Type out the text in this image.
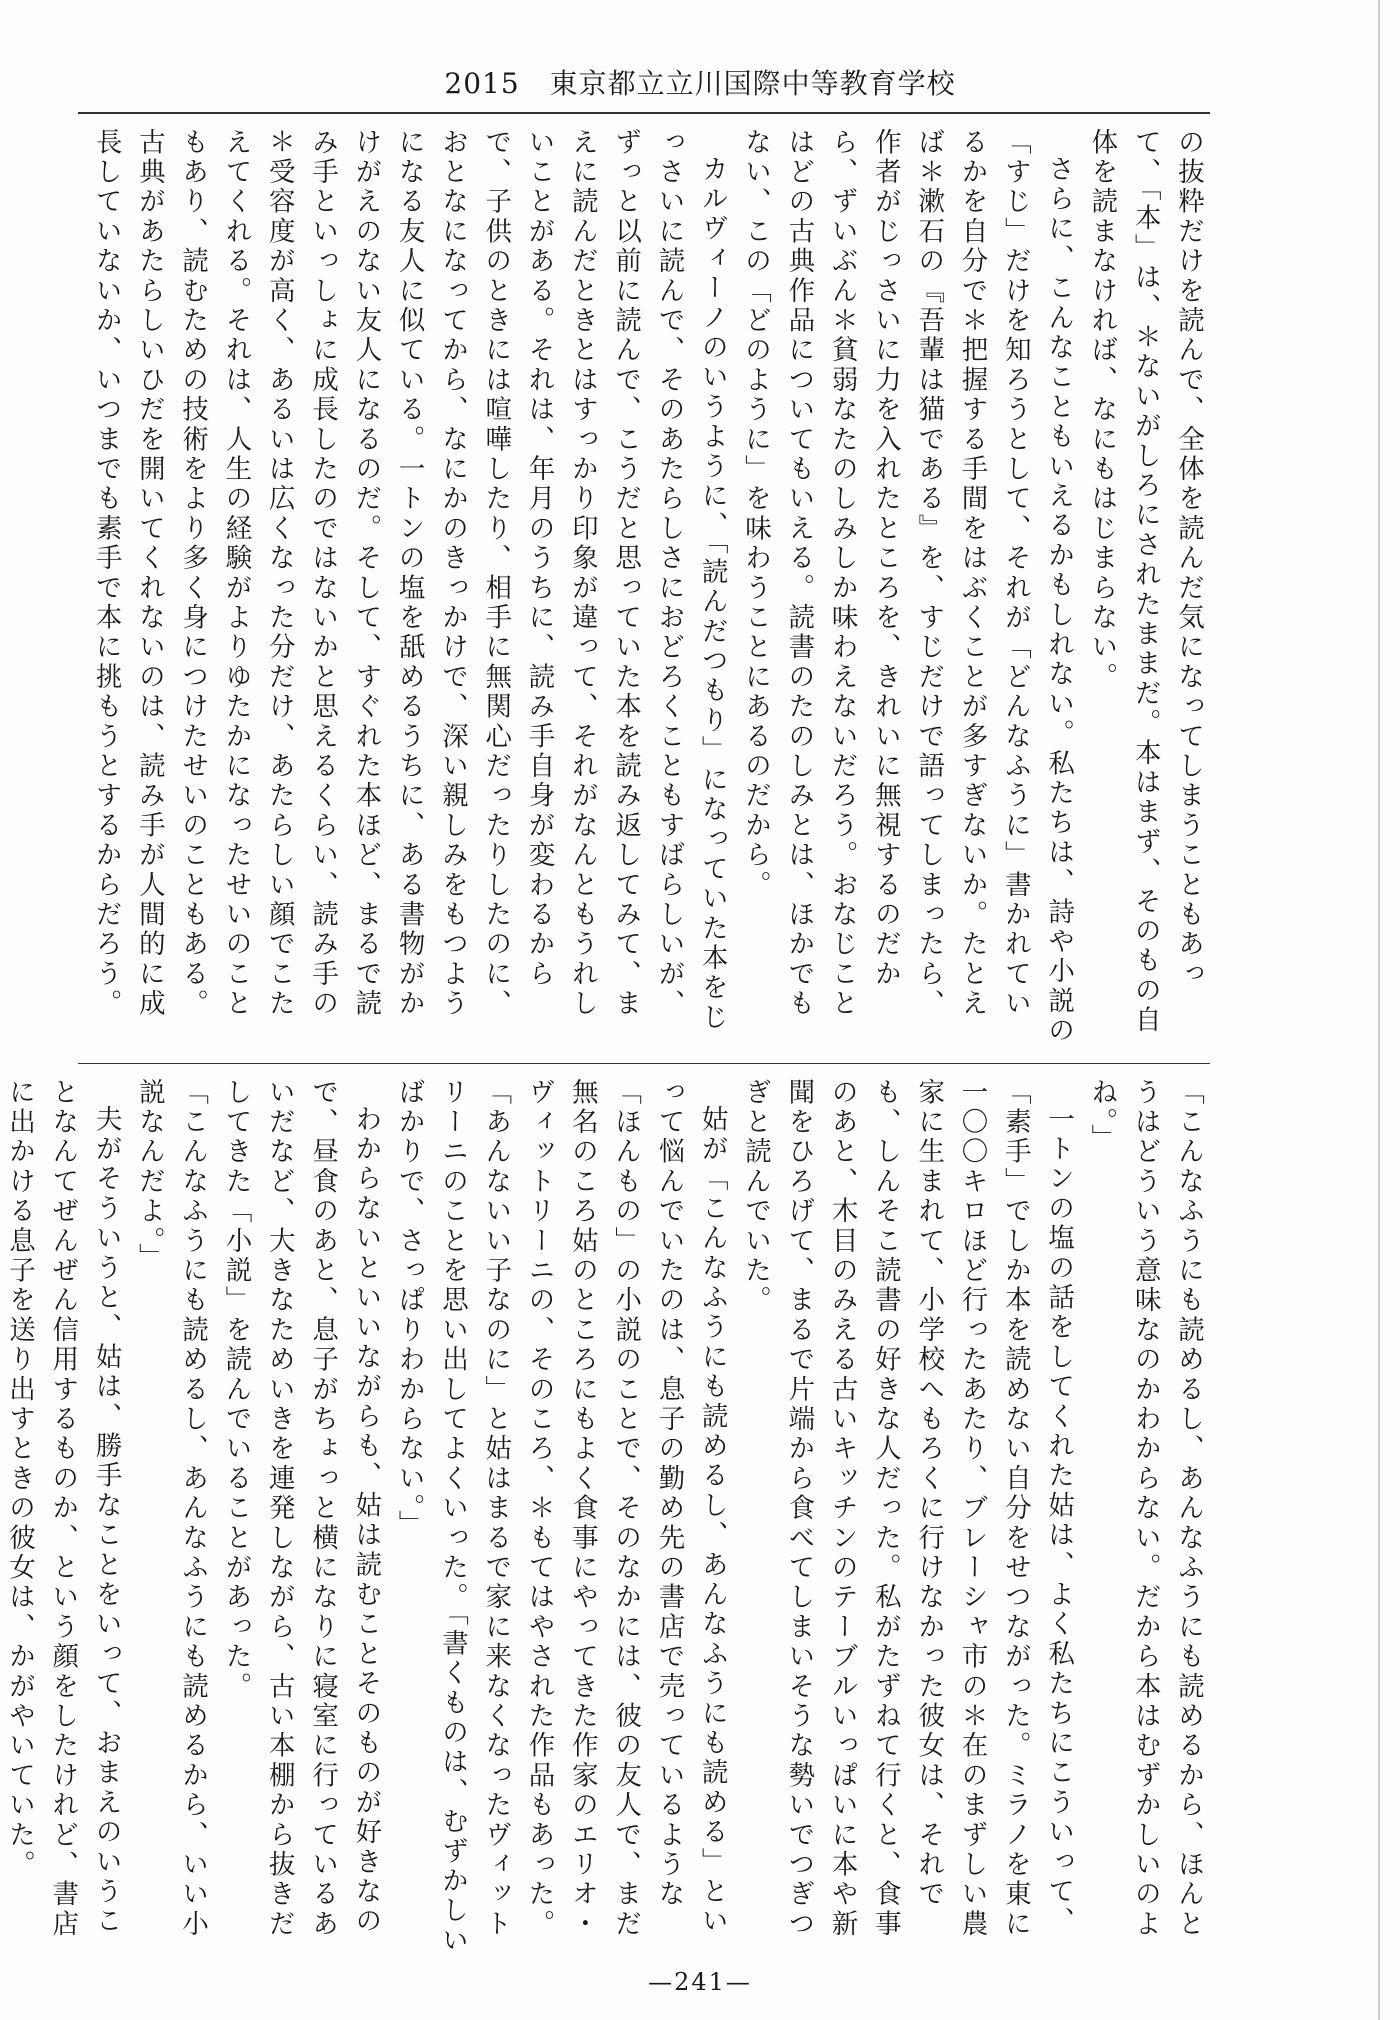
2015 東京都立立川国際中等教育学校

の抜粋だけを読んで、全体を読んだ気になってしまうこともあって、「本」は、＊ないがしろにされたままだ。本はまず、そのもの自体を読まなければ、なにもはじまらない。

さらに、こんなこともいえるかもしれない。私たちは、詩や小説の「すじ」だけを知ろうとして、それが「どんなふうに」書かれているかを自分で＊把握する手間をはぶくことが多すぎないか。たとえば＊漱石の『吾輩は猫である』を、すじだけで語ってしまったら、作者がじっさいに力を入れたところを、きれいに無視するのだから、ずいぶん＊貧弱なたのしみしか味わえないだろう。おなじことはどの古典作品についてもいえる。読書のたのしみとは、ほかでもない、この「どのように」を味わうことにあるのだから。

カルヴィーノのいうように、「読んだつもり」になっていた本をじっさいに読んで、そのあたらしさにおどろくこともすばらしいが、ずっと以前に読んで、こうだと思っていた本を読み返してみて、まえに読んだときとはすっかり印象が違って、それがなんともうれしいことがある。それは、年月のうちに、読み手自身が変わるからで、子供のときには喧嘩したり、相手に無関心だったりしたのに、おとなになってから、なにかのきっかけで、深い親しみをもつようになる友人に似ている。一トンの塩を舐めるうちに、ある書物がかけがえのない友人になるのだ。そして、すぐれた本ほど、まるで読み手といっしょに成長したのではないかと思えるくらい、読み手の＊受容度が高く、あるいは広くなった分だけ、あたらしい顔でこたえてくれる。それは、人生の経験がよりゆたかになったせいのこともあり、読むための技術をより多く身につけたせいのこともある。古典があたらしいひだを開いてくれないのは、読み手が人間的に成長していないか、いつまでも素手で本に挑もうとするからだろう。

「こんなふうにも読めるし、あんなふうにも読めるから、ほんとうはどういう意味なのかわからない。だから本はむずかしいのよね。」

一トンの塩の話をしてくれた姑は、よく私たちにこういって、「素手」でしか本を読めない自分をせつながった。ミラノを東に一〇〇キロほど行ったあたり、ブレーシャ市の＊在のまずしい農家に生まれて、小学校へもろくに行けなかった彼女は、それでも、しんそこ読書の好きな人だった。私がたずねて行くと、食事のあと、木目のみえる古いキッチンのテーブルいっぱいに本や新聞をひろげて、まるで片端から食べてしまいそうな勢いでつぎつぎと読んでいた。

姑が「こんなふうにも読めるし、あんなふうにも読める」といって悩んでいたのは、息子の勤め先の書店で売っているような「ほんもの」の小説のことで、そのなかには、彼の友人で、まだ無名のころ姑のところにもよく食事にやってきた作家のエリオ・ヴィットリーニの、そのころ、＊もてはやされた作品もあった。「あんないい子なのに」と姑はまるで家に来なくなったヴィットリーニのことを思い出してよくいった。「書くものは、むずかしいばかりで、さっぱりわからない。」

わからないといいながらも、姑は読むことそのものが好きなので、昼食のあと、息子がちょっと横になりに寝室に行っているあいだなど、大きなためいきを連発しながら、古い本棚から抜きだしてきた「小説」を読んでいることがあった。

「こんなふうにも読めるし、あんなふうにも読めるから、いい小説なんだよ。」

夫がそういうと、姑は、勝手なことをいって、おまえのいうことなんてぜんぜん信用するものか、という顔をしたけれど、書店に出かける息子を送り出すときの彼女は、かがやいていた。

—241—
